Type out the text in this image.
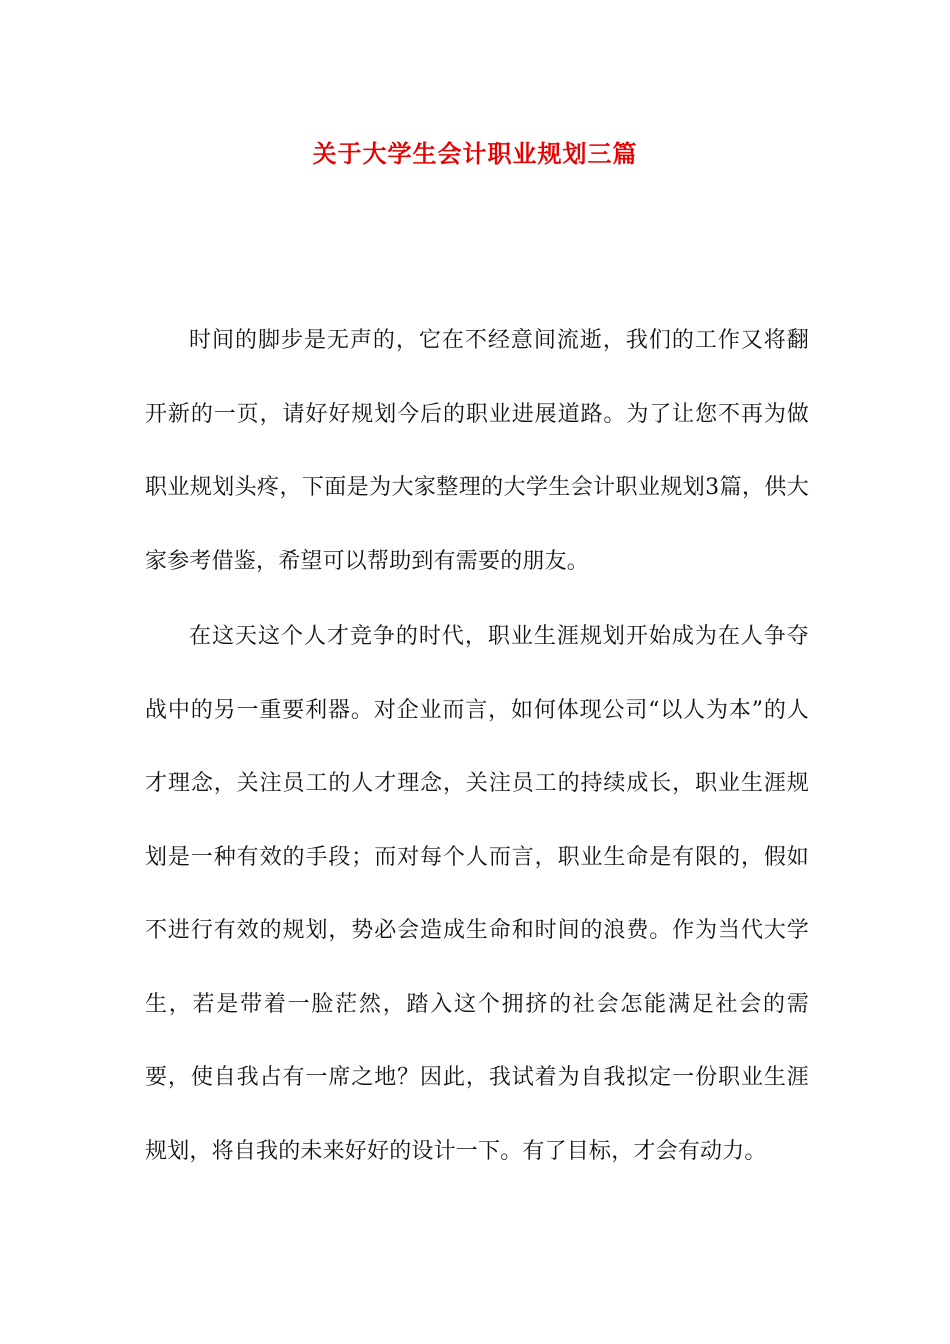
关于大学生会计职业规划三篇

时间的脚步是无声的，它在不经意间流逝，我们的工作又将翻开新的一页，请好好规划今后的职业进展道路。为了让您不再为做职业规划头疼，下面是为大家整理的大学生会计职业规划3篇，供大家参考借鉴，希望可以帮助到有需要的朋友。

在这天这个人才竞争的时代，职业生涯规划开始成为在人争夺战中的另一重要利器。对企业而言，如何体现公司“以人为本”的人才理念，关注员工的人才理念，关注员工的持续成长，职业生涯规划是一种有效的手段；而对每个人而言，职业生命是有限的，假如不进行有效的规划，势必会造成生命和时间的浪费。作为当代大学生，若是带着一脸茫然，踏入这个拥挤的社会怎能满足社会的需要，使自我占有一席之地？因此，我试着为自我拟定一份职业生涯规划，将自我的未来好好的设计一下。有了目标，才会有动力。
